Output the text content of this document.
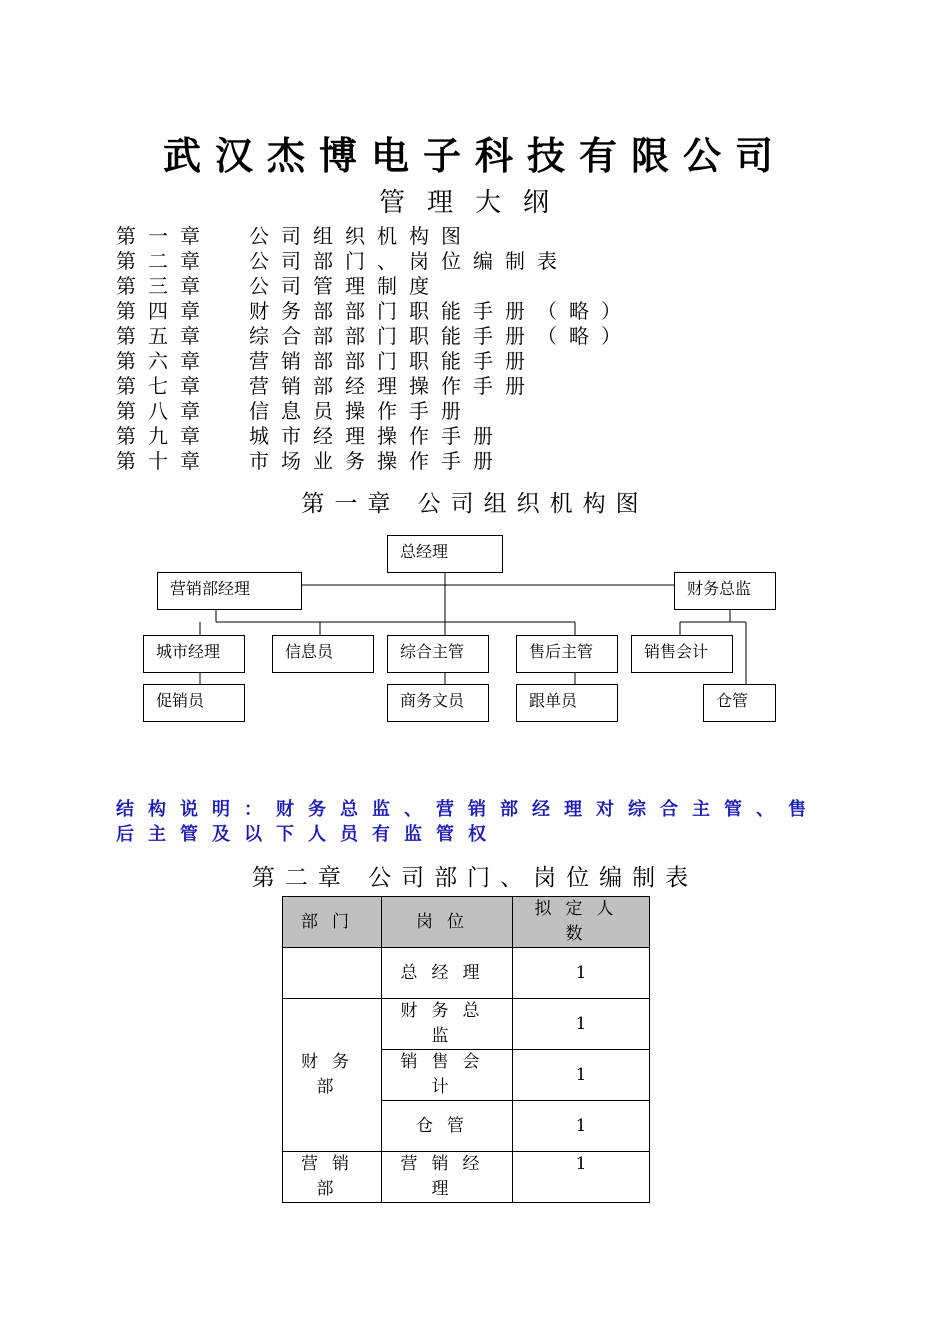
武汉杰博电子科技有限公司
管理大纲
第一章 公司组织机构图
第二章 公司部门、岗位编制表
第三章 公司管理制度
第四章 财务部部门职能手册（略）
第五章 综合部部门职能手册（略）
第六章 营销部部门职能手册
第七章 营销部经理操作手册
第八章 信息员操作手册
第九章 城市经理操作手册
第十章 市场业务操作手册
第一章 公司组织机构图
总经理
营销部经理	财务总监
城市经理	信息员	综合主管	售后主管	销售会计
促销员	商务文员	跟单员	仓管
结构说明：财务总监、营销部经理对综合主管、售后主管及以下人员有监管权
第二章 公司部门、岗位编制表
部门	岗位	拟定人数
	总经理	1
财务部	财务总监	1
	销售会计	1
	仓管	1
营销部	营销经理	1
